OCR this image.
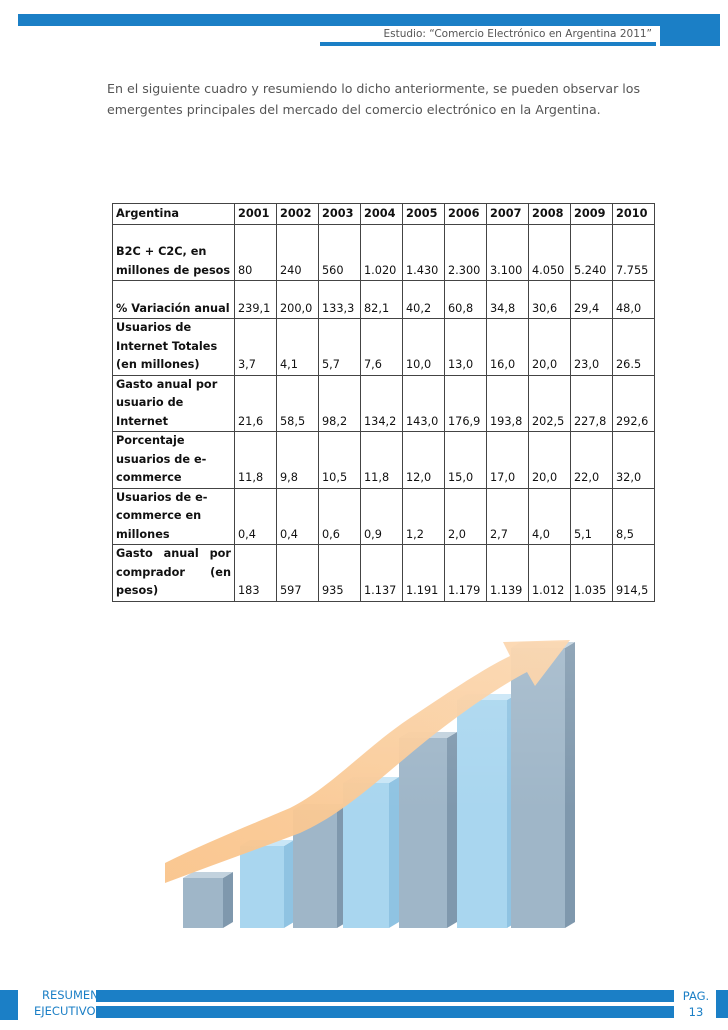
Estudio: “Comercio Electrónico en Argentina 2011”

En el siguiente cuadro y resumiendo lo dicho anteriormente, se pueden observar los emergentes principales del mercado del comercio electrónico en la Argentina.

Argentina	2001	2002	2003	2004	2005	2006	2007	2008	2009	2010
B2C + C2C, en millones de pesos	80	240	560	1.020	1.430	2.300	3.100	4.050	5.240	7.755
% Variación anual	239,1	200,0	133,3	82,1	40,2	60,8	34,8	30,6	29,4	48,0
Usuarios de Internet Totales (en millones)	3,7	4,1	5,7	7,6	10,0	13,0	16,0	20,0	23,0	26.5
Gasto anual por usuario de Internet	21,6	58,5	98,2	134,2	143,0	176,9	193,8	202,5	227,8	292,6
Porcentaje usuarios de e-commerce	11,8	9,8	10,5	11,8	12,0	15,0	17,0	20,0	22,0	32,0
Usuarios de e-commerce en millones	0,4	0,4	0,6	0,9	1,2	2,0	2,7	4,0	5,1	8,5
Gasto anual por comprador (en pesos)	183	597	935	1.137	1.191	1.179	1.139	1.012	1.035	914,5
RESUMEN
EJECUTIVO
PAG.
13
